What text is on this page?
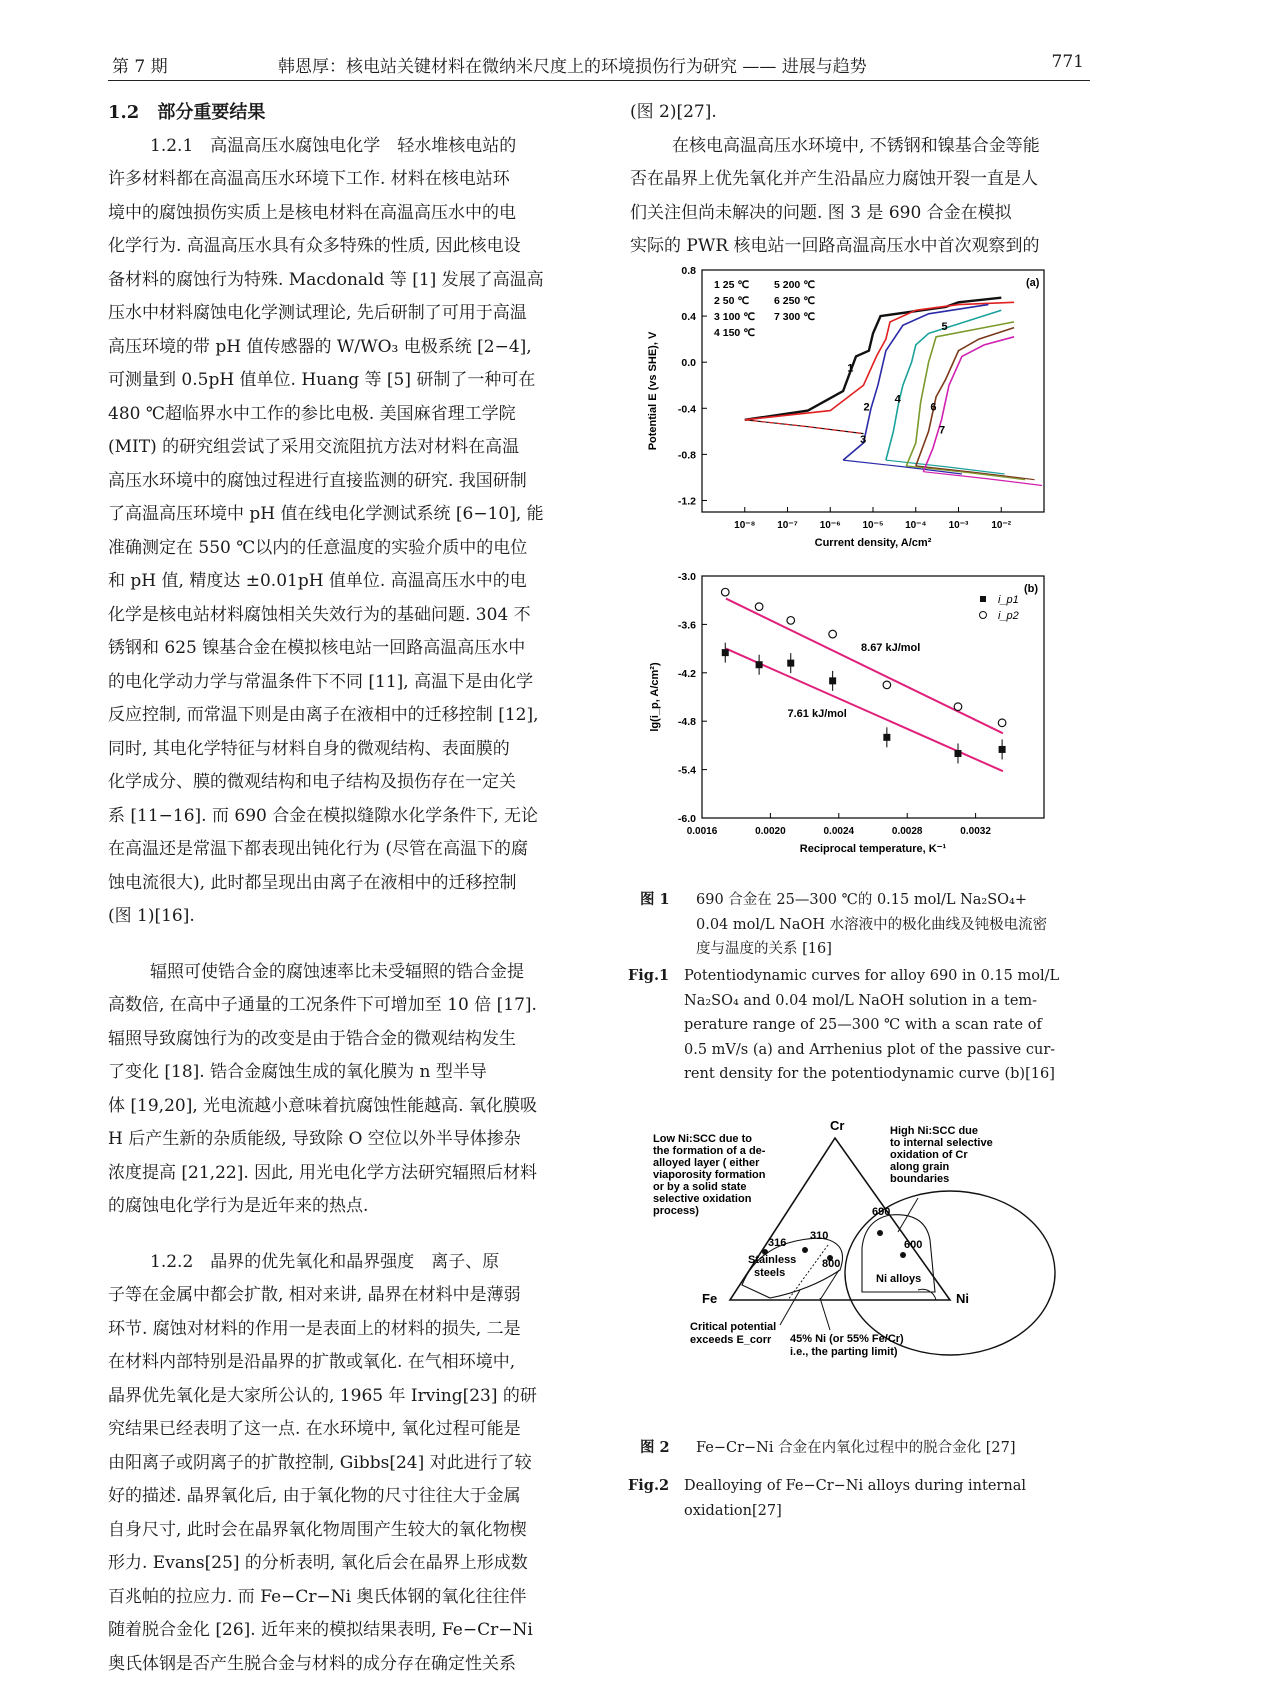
第 7 期	韩恩厚：核电站关键材料在微纳米尺度上的环境损伤行为研究 —— 进展与趋势	771
1.2　部分重要结果
1.2.1　高温高压水腐蚀电化学　轻水堆核电站的
许多材料都在高温高压水环境下工作. 材料在核电站环
境中的腐蚀损伤实质上是核电材料在高温高压水中的电
化学行为. 高温高压水具有众多特殊的性质, 因此核电设
备材料的腐蚀行为特殊. Macdonald 等 [1] 发展了高温高
压水中材料腐蚀电化学测试理论, 先后研制了可用于高温
高压环境的带 pH 值传感器的 W/WO₃ 电极系统 [2−4],
可测量到 0.5pH 值单位. Huang 等 [5] 研制了一种可在
480 ℃超临界水中工作的参比电极. 美国麻省理工学院
(MIT) 的研究组尝试了采用交流阻抗方法对材料在高温
高压水环境中的腐蚀过程进行直接监测的研究. 我国研制
了高温高压环境中 pH 值在线电化学测试系统 [6−10], 能
准确测定在 550 ℃以内的任意温度的实验介质中的电位
和 pH 值, 精度达 ±0.01pH 值单位. 高温高压水中的电
化学是核电站材料腐蚀相关失效行为的基础问题. 304 不
锈钢和 625 镍基合金在模拟核电站一回路高温高压水中
的电化学动力学与常温条件下不同 [11], 高温下是由化学
反应控制, 而常温下则是由离子在液相中的迁移控制 [12],
同时, 其电化学特征与材料自身的微观结构、表面膜的
化学成分、膜的微观结构和电子结构及损伤存在一定关
系 [11−16]. 而 690 合金在模拟缝隙水化学条件下, 无论
在高温还是常温下都表现出钝化行为 (尽管在高温下的腐
蚀电流很大), 此时都呈现出由离子在液相中的迁移控制
(图 1)[16].
辐照可使锆合金的腐蚀速率比未受辐照的锆合金提
高数倍, 在高中子通量的工况条件下可增加至 10 倍 [17].
辐照导致腐蚀行为的改变是由于锆合金的微观结构发生
了变化 [18]. 锆合金腐蚀生成的氧化膜为 n 型半导
体 [19,20], 光电流越小意味着抗腐蚀性能越高. 氧化膜吸
H 后产生新的杂质能级, 导致除 O 空位以外半导体掺杂
浓度提高 [21,22]. 因此, 用光电化学方法研究辐照后材料
的腐蚀电化学行为是近年来的热点.
1.2.2　晶界的优先氧化和晶界强度　离子、原
子等在金属中都会扩散, 相对来讲, 晶界在材料中是薄弱
环节. 腐蚀对材料的作用一是表面上的材料的损失, 二是
在材料内部特别是沿晶界的扩散或氧化. 在气相环境中,
晶界优先氧化是大家所公认的, 1965 年 Irving[23] 的研
究结果已经表明了这一点. 在水环境中, 氧化过程可能是
由阳离子或阴离子的扩散控制, Gibbs[24] 对此进行了较
好的描述. 晶界氧化后, 由于氧化物的尺寸往往大于金属
自身尺寸, 此时会在晶界氧化物周围产生较大的氧化物楔
形力. Evans[25] 的分析表明, 氧化后会在晶界上形成数
百兆帕的拉应力. 而 Fe−Cr−Ni 奥氏体钢的氧化往往伴
随着脱合金化 [26]. 近年来的模拟结果表明, Fe−Cr−Ni
奥氏体钢是否产生脱合金与材料的成分存在确定性关系
(图 2)[27].
在核电高温高压水环境中, 不锈钢和镍基合金等能
否在晶界上优先氧化并产生沿晶应力腐蚀开裂一直是人
们关注但尚未解决的问题. 图 3 是 690 合金在模拟
实际的 PWR 核电站一回路高温高压水中首次观察到的
0.8
0.4
0.0
-0.4
-0.8
-1.2
10⁻⁸ 10⁻⁷ 10⁻⁶ 10⁻⁵ 10⁻⁴ 10⁻³ 10⁻²
Current density, A/cm²
Potential E (vs SHE), V
(a)
1 25 ℃ 5 200 ℃
2 50 ℃ 6 250 ℃
3 100 ℃ 7 300 ℃
4 150 ℃
1
2
3
4
5
6
7
-3.0
-3.6
-4.2
-4.8
-5.4
-6.0
0.0016	0.0020	0.0024	0.0028	0.0032
Reciprocal temperature, K⁻¹
lg(i_p, A/cm²)
(b)
8.67 kJ/mol
7.61 kJ/mol
i_p1
i_p2
图 1 690 合金在 25—300 ℃的 0.15 mol/L Na₂SO₄+
0.04 mol/L NaOH 水溶液中的极化曲线及钝极电流密
度与温度的关系 [16]
Fig.1 Potentiodynamic curves for alloy 690 in 0.15 mol/L
Na₂SO₄ and 0.04 mol/L NaOH solution in a tem-
perature range of 25—300 ℃ with a scan rate of
0.5 mV/s (a) and Arrhenius plot of the passive cur-
rent density for the potentiodynamic curve (b)[16]
Cr
Fe	Ni
Low Ni:SCC due to
the formation of a de-
alloyed layer ( either
viaporosity formation
or by a solid state
selective oxidation
process)
High Ni:SCC due
to internal selective
oxidation of Cr
along grain
boundaries
316
310
800
690
600
Stainless
steels	Ni alloys
Critical potential
exceeds E_corr 45% Ni (or 55% Fe/Cr)
i.e., the parting limit)
图 2 Fe−Cr−Ni 合金在内氧化过程中的脱合金化 [27]
Fig.2 Dealloying of Fe−Cr−Ni alloys during internal
oxidation[27]
